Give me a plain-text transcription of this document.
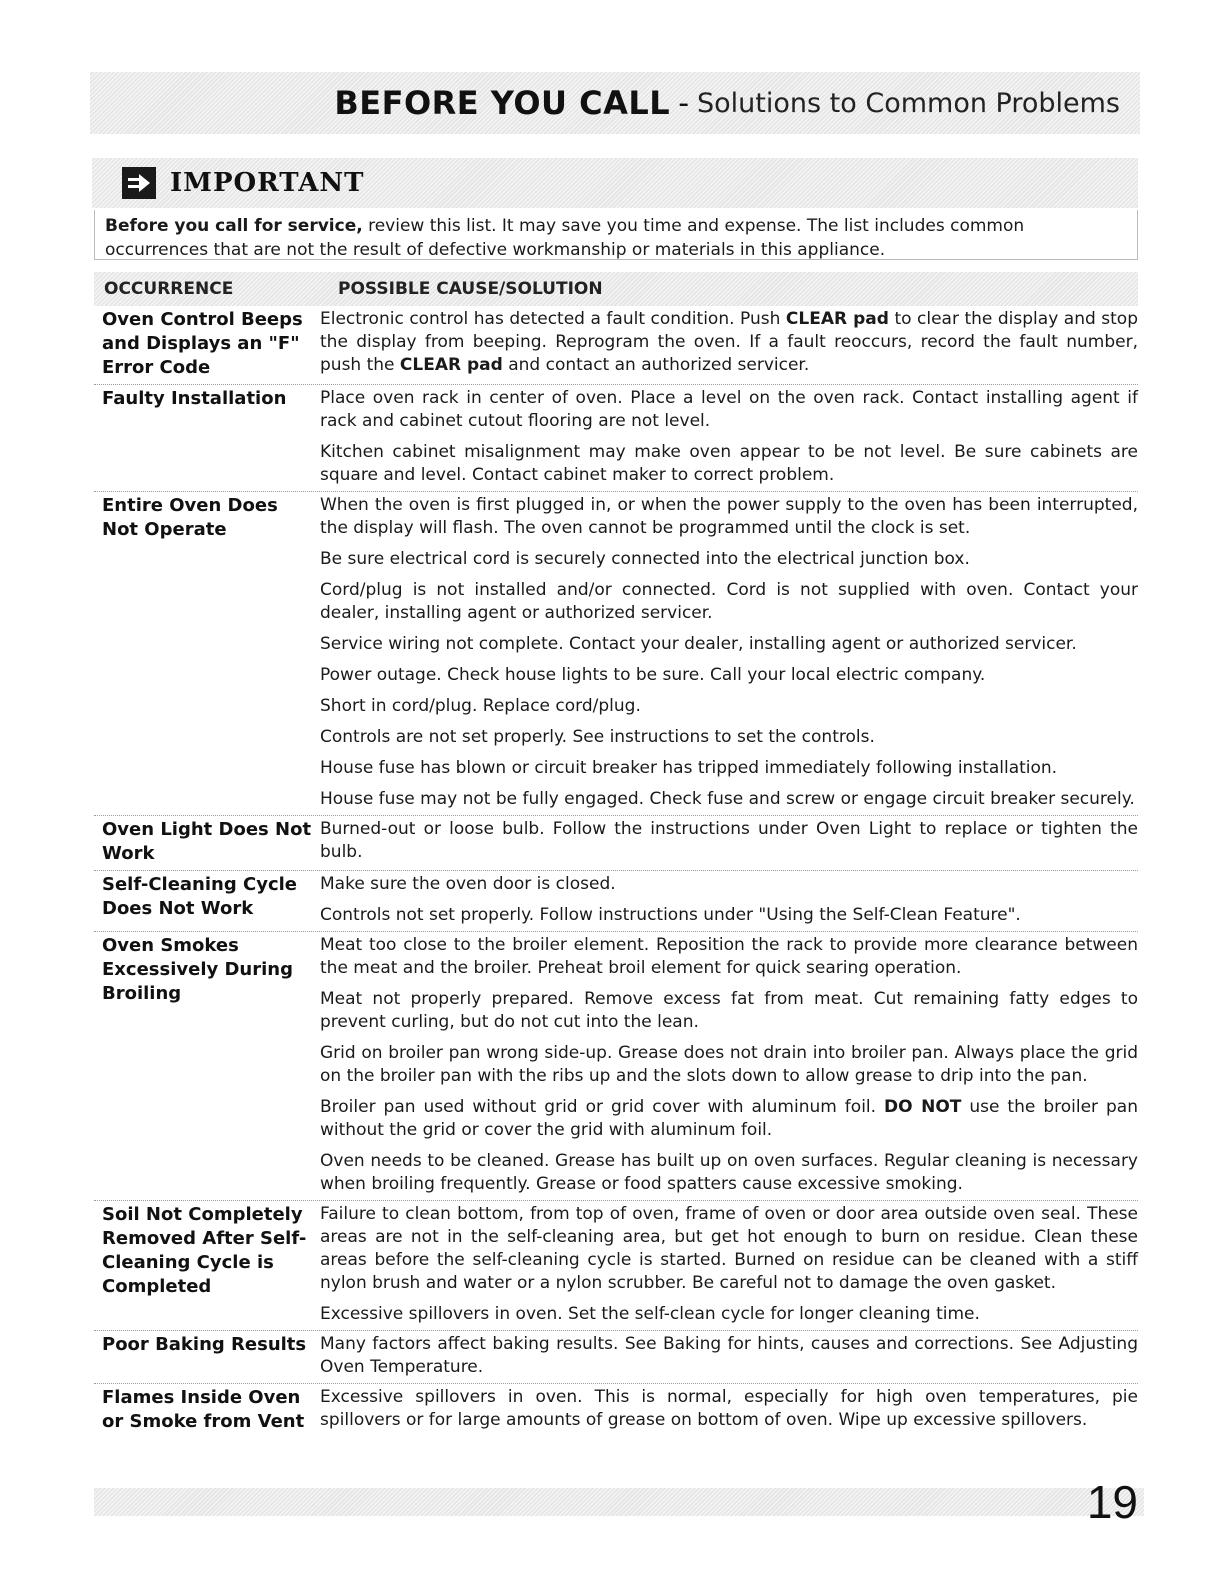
BEFORE YOU CALL - Solutions to Common Problems
IMPORTANT
Before you call for service, review this list. It may save you time and expense. The list includes common occurrences that are not the result of defective workmanship or materials in this appliance.
OCCURRENCE	POSSIBLE CAUSE/SOLUTION
Oven Control Beeps and Displays an "F" Error Code

Electronic control has detected a fault condition. Push CLEAR pad to clear the display and stop the display from beeping. Reprogram the oven. If a fault reoccurs, record the fault number, push the CLEAR pad and contact an authorized servicer.

Faulty Installation	Place oven rack in center of oven. Place a level on the oven rack. Contact installing agent if rack and cabinet cutout flooring are not level.

Kitchen cabinet misalignment may make oven appear to be not level. Be sure cabinets are square and level. Contact cabinet maker to correct problem.

Entire Oven Does Not Operate

When the oven is first plugged in, or when the power supply to the oven has been interrupted, the display will flash. The oven cannot be programmed until the clock is set.

Be sure electrical cord is securely connected into the electrical junction box.

Cord/plug is not installed and/or connected. Cord is not supplied with oven. Contact your dealer, installing agent or authorized servicer.

Service wiring not complete. Contact your dealer, installing agent or authorized servicer.

Power outage. Check house lights to be sure. Call your local electric company.

Short in cord/plug. Replace cord/plug.

Controls are not set properly. See instructions to set the controls.

House fuse has blown or circuit breaker has tripped immediately following installation.

House fuse may not be fully engaged. Check fuse and screw or engage circuit breaker securely.

Oven Light Does Not Work

Burned-out or loose bulb. Follow the instructions under Oven Light to replace or tighten the bulb.

Self-Cleaning Cycle Does Not Work

Make sure the oven door is closed.

Controls not set properly. Follow instructions under "Using the Self-Clean Feature".

Oven Smokes Excessively During Broiling

Meat too close to the broiler element. Reposition the rack to provide more clearance between the meat and the broiler. Preheat broil element for quick searing operation.

Meat not properly prepared. Remove excess fat from meat. Cut remaining fatty edges to prevent curling, but do not cut into the lean.

Grid on broiler pan wrong side-up. Grease does not drain into broiler pan. Always place the grid on the broiler pan with the ribs up and the slots down to allow grease to drip into the pan.

Broiler pan used without grid or grid cover with aluminum foil. DO NOT use the broiler pan without the grid or cover the grid with aluminum foil.

Oven needs to be cleaned. Grease has built up on oven surfaces. Regular cleaning is necessary when broiling frequently. Grease or food spatters cause excessive smoking.

Soil Not Completely Removed After Self-Cleaning Cycle is Completed

Failure to clean bottom, from top of oven, frame of oven or door area outside oven seal. These areas are not in the self-cleaning area, but get hot enough to burn on residue. Clean these areas before the self-cleaning cycle is started. Burned on residue can be cleaned with a stiff nylon brush and water or a nylon scrubber. Be careful not to damage the oven gasket.

Excessive spillovers in oven. Set the self-clean cycle for longer cleaning time.

Poor Baking Results Many factors affect baking results. See Baking for hints, causes and corrections. See Adjusting Oven Temperature.

Flames Inside Oven or Smoke from Vent

Excessive spillovers in oven. This is normal, especially for high oven temperatures, pie spillovers or for large amounts of grease on bottom of oven. Wipe up excessive spillovers.

19
